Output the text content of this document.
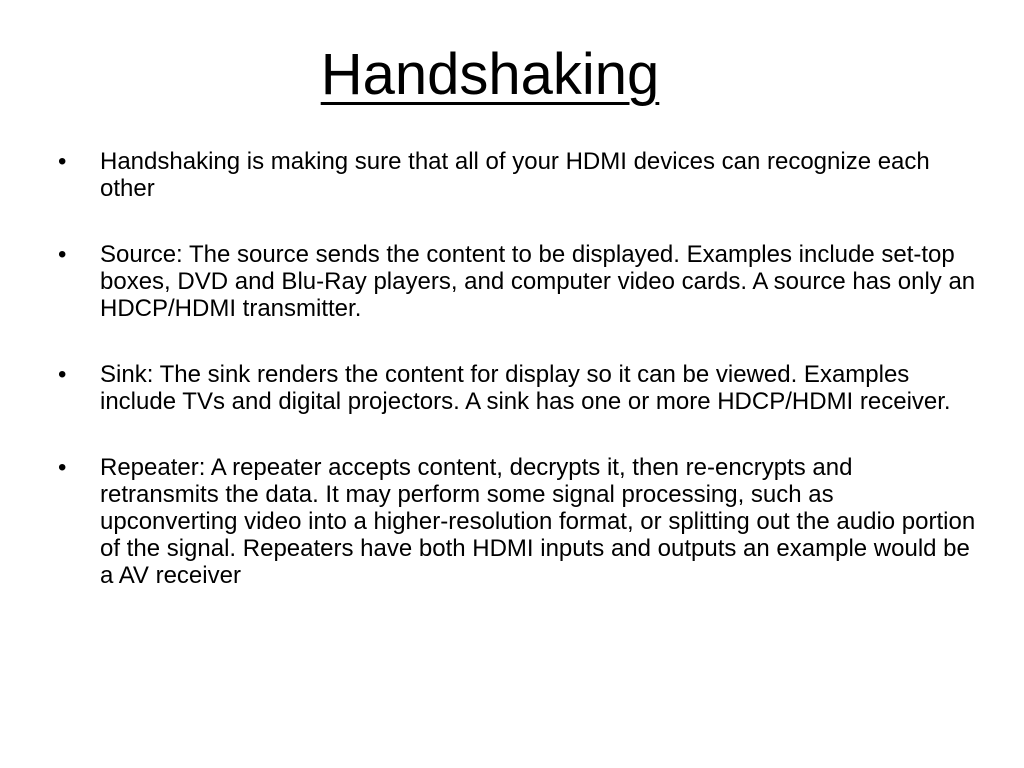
Handshaking
• Handshaking is making sure that all of your HDMI devices can recognize each other
• Source: The source sends the content to be displayed. Examples include set-top boxes, DVD and Blu-Ray players, and computer video cards. A source has only an HDCP/HDMI transmitter.
• Sink: The sink renders the content for display so it can be viewed. Examples include TVs and digital projectors. A sink has one or more HDCP/HDMI receiver.
• Repeater: A repeater accepts content, decrypts it, then re-encrypts and retransmits the data. It may perform some signal processing, such as upconverting video into a higher-resolution format, or splitting out the audio portion of the signal. Repeaters have both HDMI inputs and outputs an example would be a AV receiver
